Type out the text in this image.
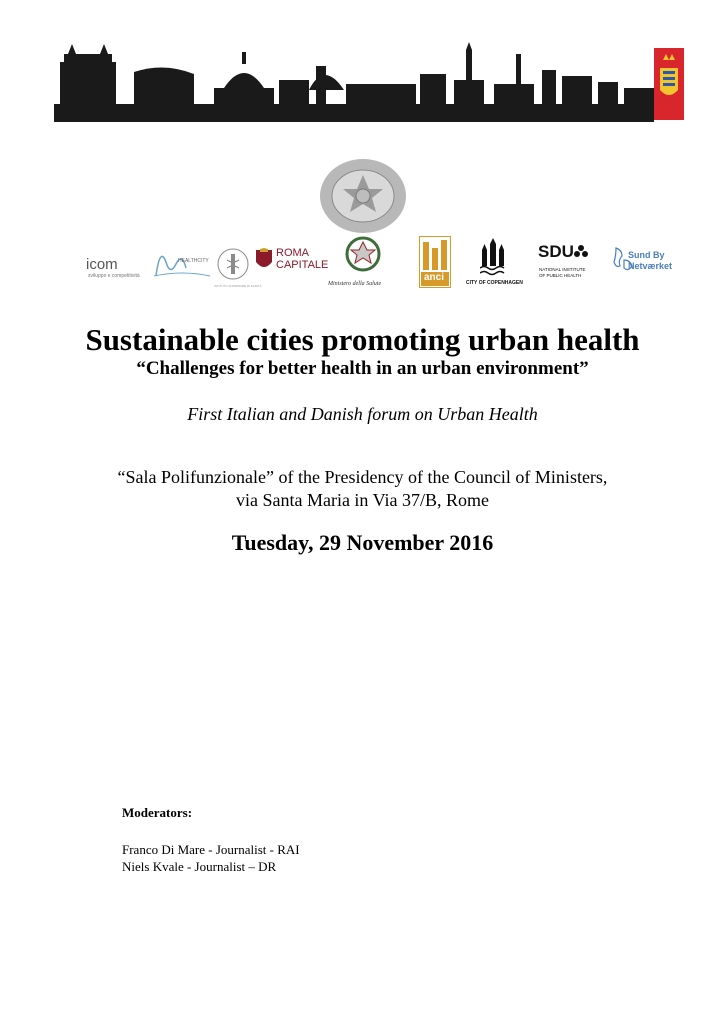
icom
sviluppo e competitività
HEALTHCITY
ISTITUTO SUPERIORE DI SANITÀ
ROMA
CAPITALE
Ministero della Salute
anci	CITY OF COPENHAGEN
SDU
NATIONAL INSTITUTE OF PUBLIC HEALTH
Sund By
Netværket
Sustainable cities promoting urban health
“Challenges for better health in an urban environment”
First Italian and Danish forum on Urban Health
“Sala Polifunzionale” of the Presidency of the Council of Ministers,
via Santa Maria in Via 37/B, Rome
Tuesday, 29 November 2016
Moderators:
Franco Di Mare - Journalist - RAI
Niels Kvale - Journalist – DR
